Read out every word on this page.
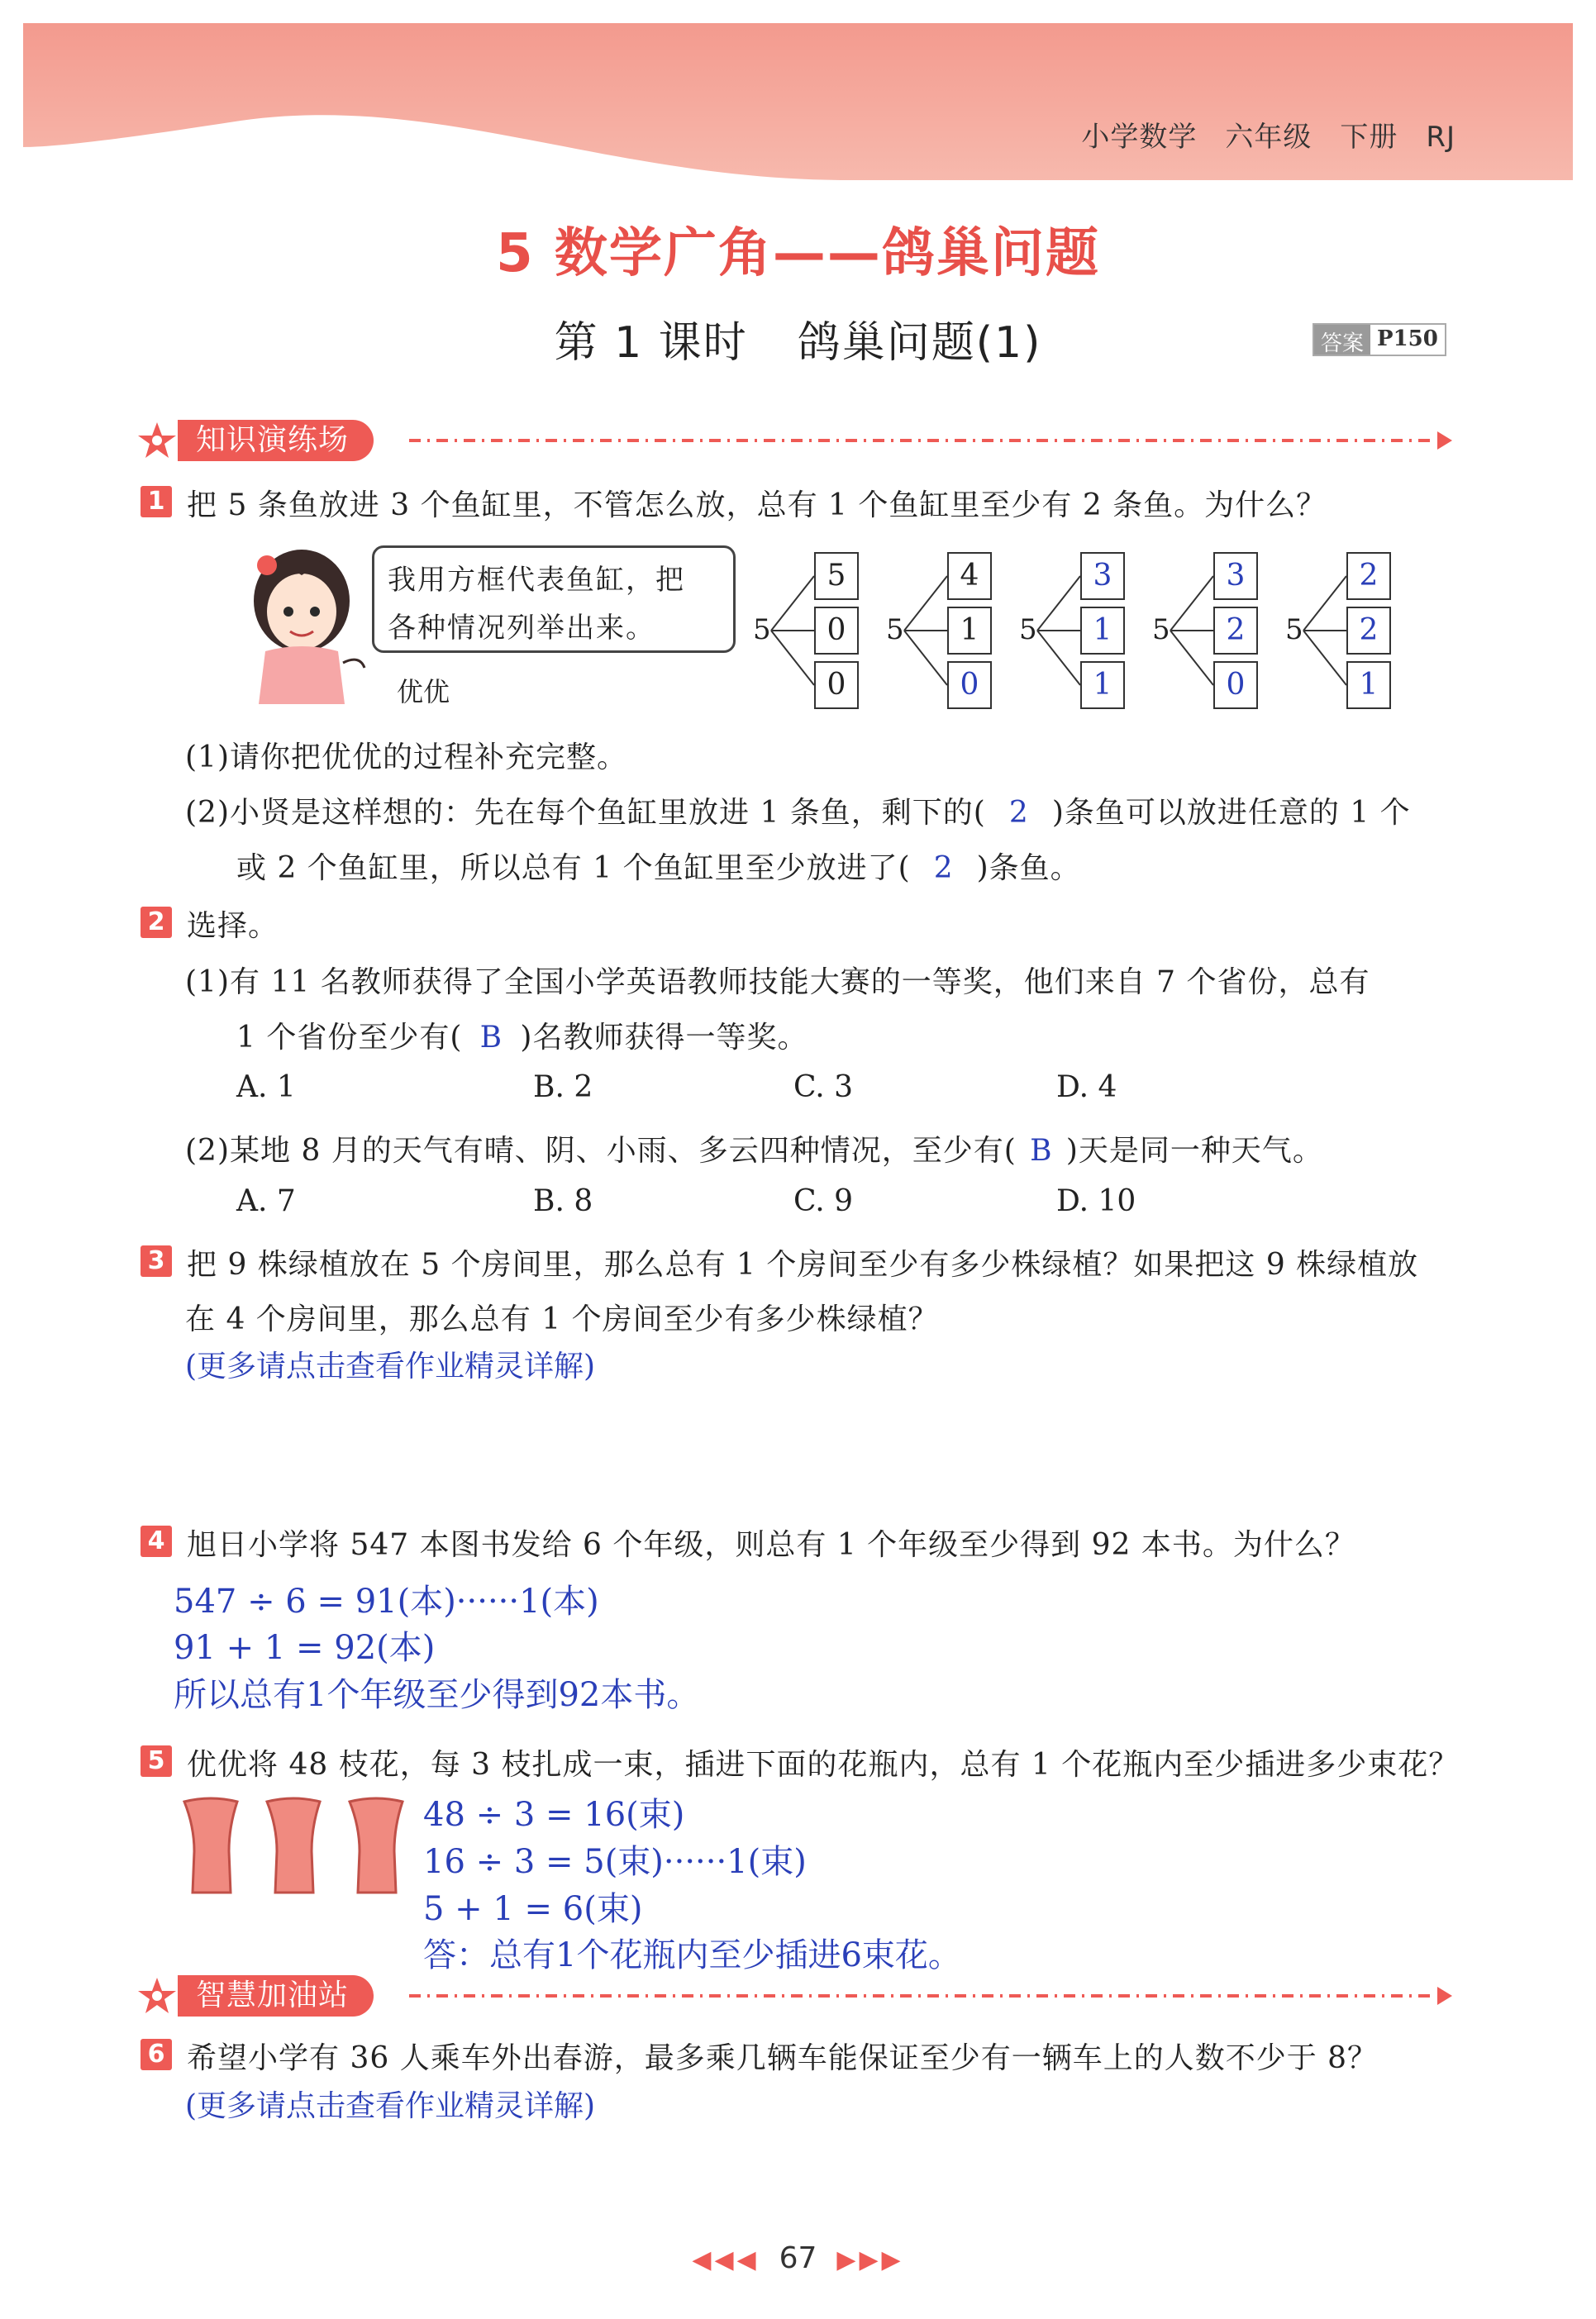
小学数学 六年级 下册 RJ
5 数学广角——鸽巢问题
第 1 课时 鸽巢问题(1)	答案 P150
知识演练场
1 把 5 条鱼放进 3 个鱼缸里，不管怎么放，总有 1 个鱼缸里至少有 2 条鱼。为什么？
我用方框代表鱼缸，把
各种情况列举出来。
优优
5
5
0
0
5
4
1
0
5
3
1
1
5
3
2
0
5
2
2
1
(1)请你把优优的过程补充完整。
(2)小贤是这样想的：先在每个鱼缸里放进 1 条鱼，剩下的( 2 )条鱼可以放进任意的 1 个
或 2 个鱼缸里，所以总有 1 个鱼缸里至少放进了( 2 )条鱼。
2 选择。
(1)有 11 名教师获得了全国小学英语教师技能大赛的一等奖，他们来自 7 个省份，总有
1 个省份至少有( B )名教师获得一等奖。
A. 1	B. 2	C. 3	D. 4
(2)某地 8 月的天气有晴、阴、小雨、多云四种情况，至少有( B )天是同一种天气。
A. 7	B. 8	C. 9	D. 10
3 把 9 株绿植放在 5 个房间里，那么总有 1 个房间至少有多少株绿植？如果把这 9 株绿植放
在 4 个房间里，那么总有 1 个房间至少有多少株绿植？
(更多请点击查看作业精灵详解)
4 旭日小学将 547 本图书发给 6 个年级，则总有 1 个年级至少得到 92 本书。为什么？
547 ÷ 6 = 91(本)······1(本)
91 + 1 = 92(本)
所以总有1个年级至少得到92本书。
5 优优将 48 枝花，每 3 枝扎成一束，插进下面的花瓶内，总有 1 个花瓶内至少插进多少束花？
48 ÷ 3 = 16(束)
16 ÷ 3 = 5(束)······1(束)
5 + 1 = 6(束)
答：总有1个花瓶内至少插进6束花。
智慧加油站
6 希望小学有 36 人乘车外出春游，最多乘几辆车能保证至少有一辆车上的人数不少于 8？
(更多请点击查看作业精灵详解)
◀◀◀ 67 ▶▶▶
